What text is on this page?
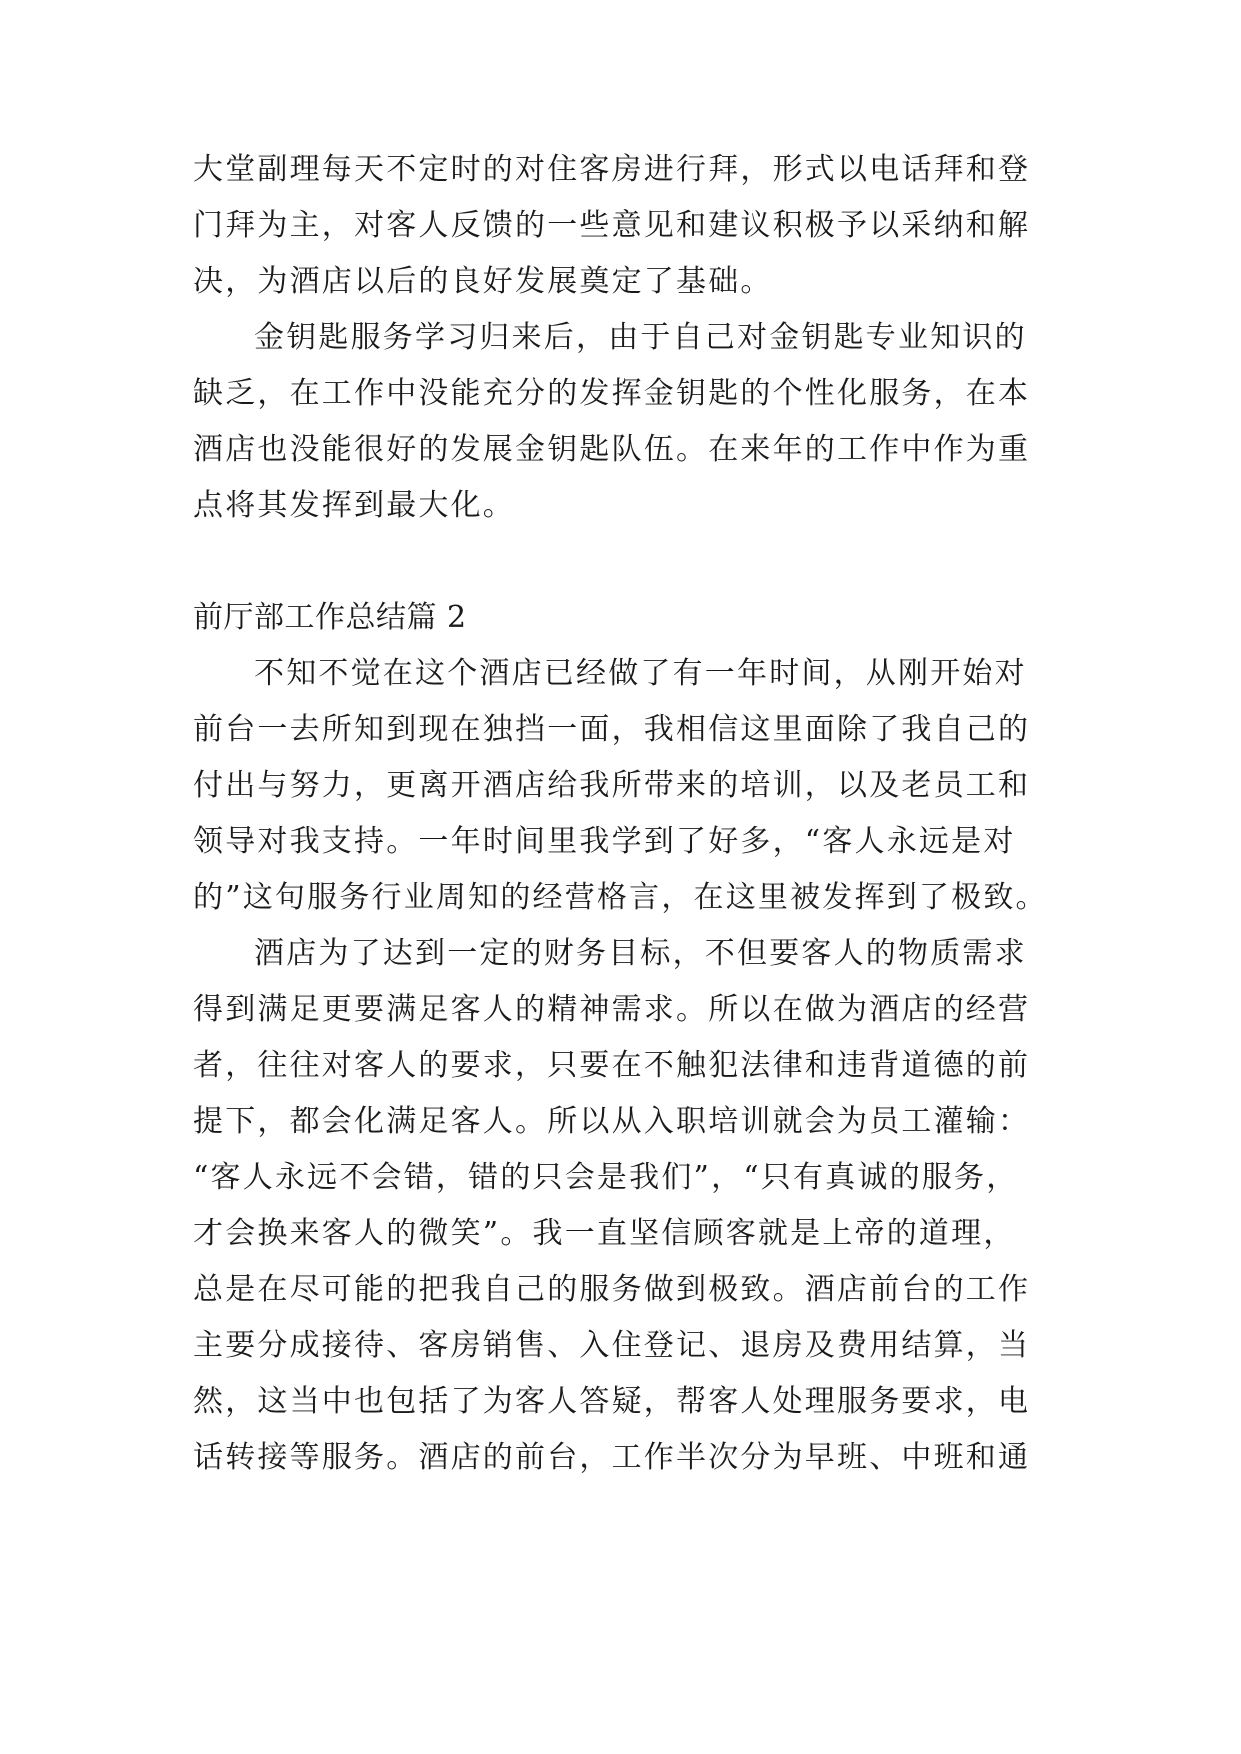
大堂副理每天不定时的对住客房进行拜，形式以电话拜和登
门拜为主，对客人反馈的一些意见和建议积极予以采纳和解
决，为酒店以后的良好发展奠定了基础。
金钥匙服务学习归来后，由于自己对金钥匙专业知识的
缺乏，在工作中没能充分的发挥金钥匙的个性化服务，在本
酒店也没能很好的发展金钥匙队伍。在来年的工作中作为重
点将其发挥到最大化。
前厅部工作总结篇 2
不知不觉在这个酒店已经做了有一年时间，从刚开始对
前台一去所知到现在独挡一面，我相信这里面除了我自己的
付出与努力，更离开酒店给我所带来的培训，以及老员工和
领导对我支持。一年时间里我学到了好多，“客人永远是对
的”这句服务行业周知的经营格言，在这里被发挥到了极致。
酒店为了达到一定的财务目标，不但要客人的物质需求
得到满足更要满足客人的精神需求。所以在做为酒店的经营
者，往往对客人的要求，只要在不触犯法律和违背道德的前
提下，都会化满足客人。所以从入职培训就会为员工灌输：
“客人永远不会错，错的只会是我们”，“只有真诚的服务，
才会换来客人的微笑”。我一直坚信顾客就是上帝的道理，
总是在尽可能的把我自己的服务做到极致。酒店前台的工作
主要分成接待、客房销售、入住登记、退房及费用结算，当
然，这当中也包括了为客人答疑，帮客人处理服务要求，电
话转接等服务。酒店的前台，工作半次分为早班、中班和通
